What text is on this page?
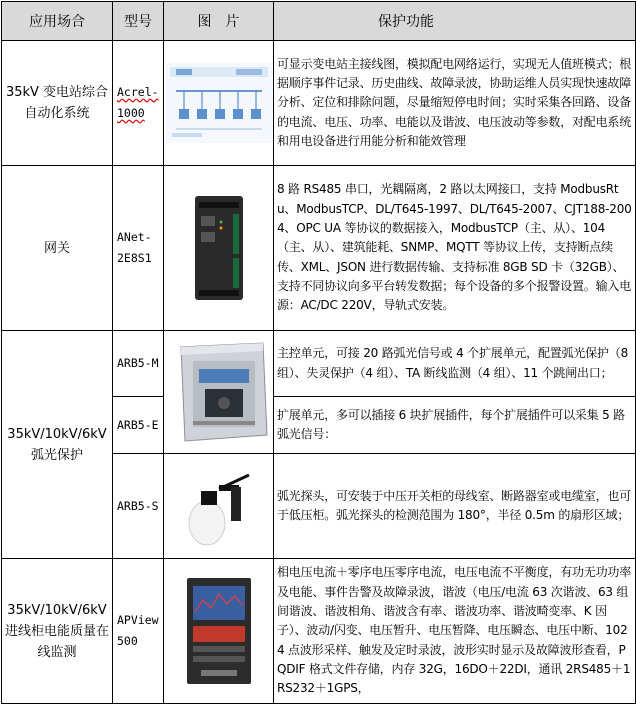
应用场合	型号	图　片	保护功能
35kV 变电站综合自动化系统	Acrel-1000		可显示变电站主接线图，模拟配电网络运行，实现无人值班模式；根据顺序事件记录、历史曲线、故障录波，协助运维人员实现快速故障分析、定位和排除问题，尽量缩短停电时间；实时采集各回路、设备的电流、电压、功率、电能以及谐波、电压波动等参数，对配电系统和用电设备进行用能分析和能效管理
网关	ANet-2E8S1		8 路 RS485 串口，光耦隔离，2 路以太网接口，支持 ModbusRtu、ModbusTCP、DL/T645-1997、DL/T645-2007、CJT188-2004、OPC UA 等协议的数据接入，ModbusTCP（主、从）、104（主、从）、建筑能耗、SNMP、MQTT 等协议上传，支持断点续传、XML、JSON 进行数据传输、支持标准 8GB SD 卡（32GB）、支持不同协议向多平台转发数据；每个设备的多个报警设置。输入电源：AC/DC 220V，导轨式安装。
35kV/10kV/6kV 弧光保护	ARB5-M		主控单元，可接 20 路弧光信号或 4 个扩展单元，配置弧光保护（8 组）、失灵保护（4 组）、TA 断线监测（4 组）、11 个跳闸出口；
	ARB5-E		扩展单元，多可以插接 6 块扩展插件，每个扩展插件可以采集 5 路弧光信号：
	ARB5-S		弧光探头，可安装于中压开关柜的母线室、断路器室或电缆室，也可于低压柜。弧光探头的检测范围为 180°，半径 0.5m 的扇形区域；
35kV/10kV/6kV 进线柜电能质量在线监测	APView 500		相电压电流＋零序电压零序电流，电压电流不平衡度，有功无功功率及电能、事件告警及故障录波，谐波（电压/电流 63 次谐波、63 组间谐波、谐波相角、谐波含有率、谐波功率、谐波畸变率、K 因子）、波动/闪变、电压暂升、电压暂降、电压瞬态、电压中断、1024 点波形采样、触发及定时录波，波形实时显示及故障波形查看，PQDIF 格式文件存储，内存 32G，16DO＋22DI，通讯 2RS485＋1RS232＋1GPS，
